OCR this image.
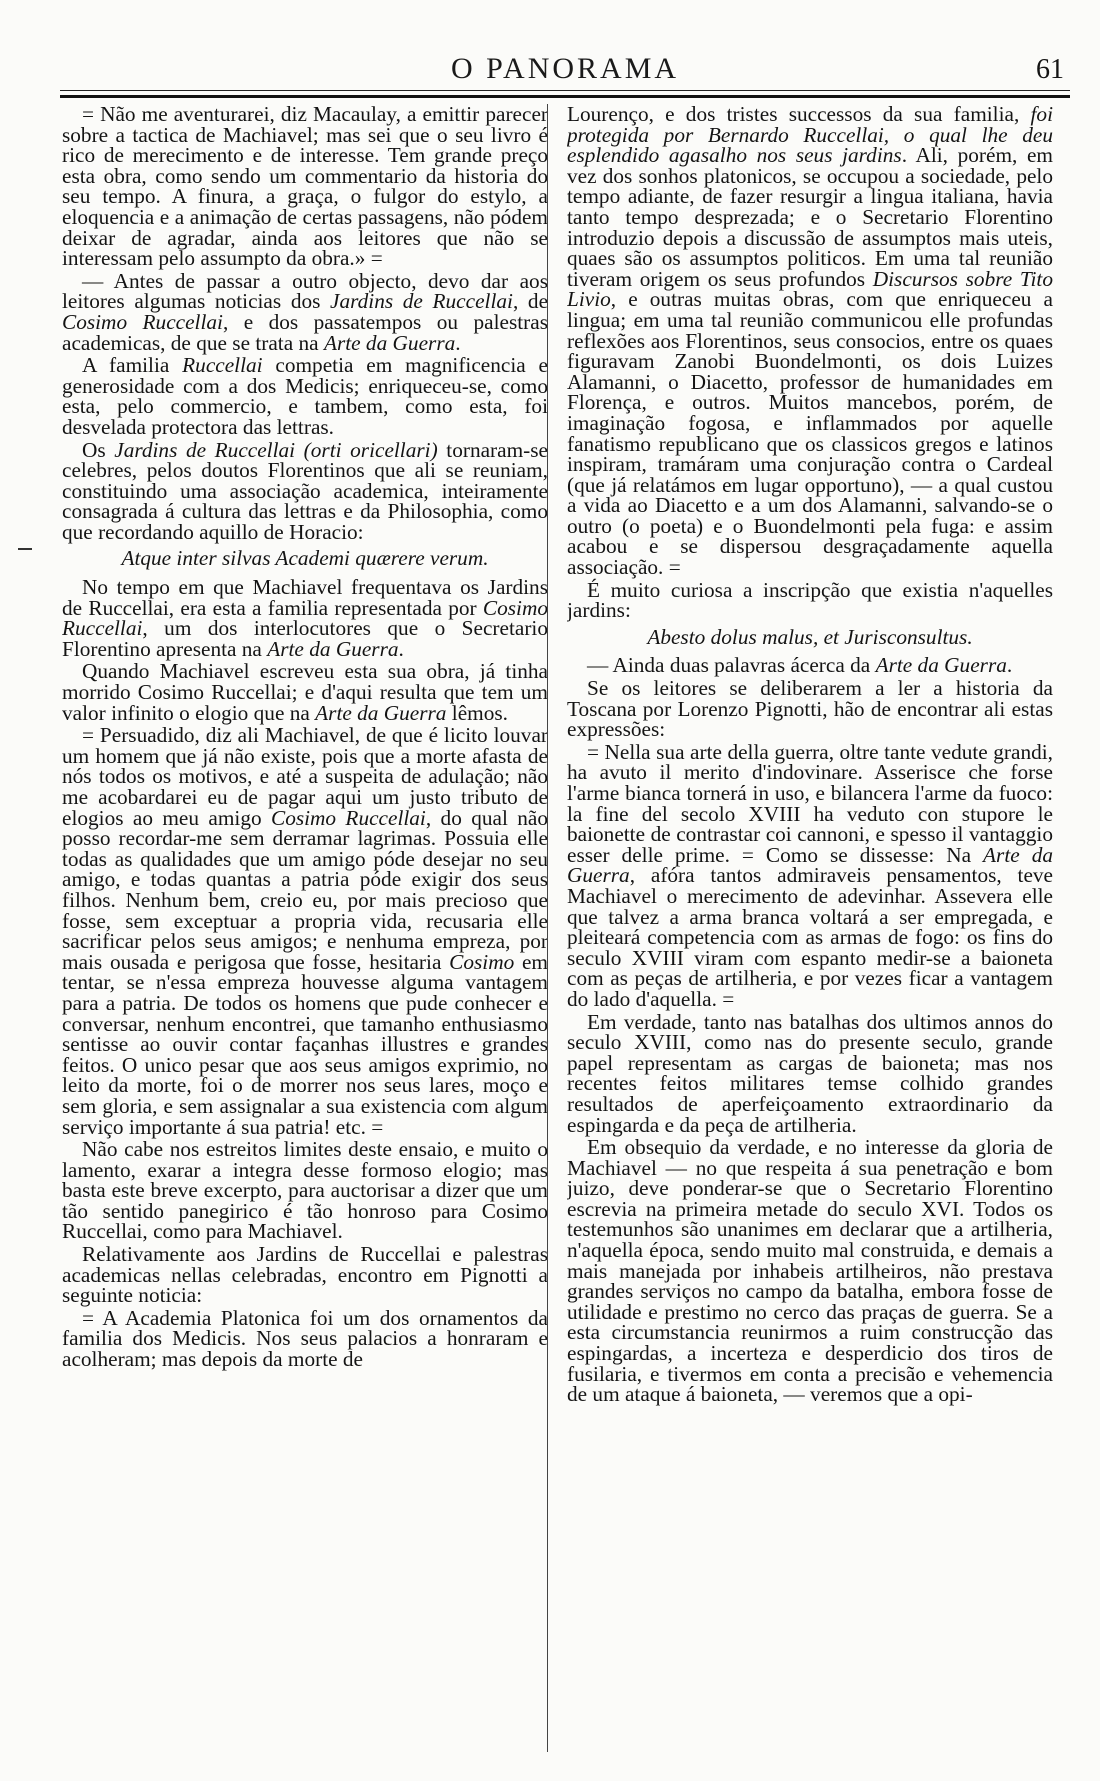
O PANORAMA	61

= Não me aventurarei, diz Macaulay, a emittir parecer sobre a tactica de Machiavel; mas sei que o seu livro é rico de merecimento e de interesse. Tem grande preço esta obra, como sendo um commentario da historia do seu tempo. A finura, a graça, o fulgor do estylo, a eloquencia e a animação de certas passagens, não pódem deixar de agradar, ainda aos leitores que não se interessam pelo assumpto da obra.» =

— Antes de passar a outro objecto, devo dar aos leitores algumas noticias dos Jardins de Ruccellai, de Cosimo Ruccellai, e dos passatempos ou palestras academicas, de que se trata na Arte da Guerra.

A familia Ruccellai competia em magnificencia e generosidade com a dos Medicis; enriqueceu-se, como esta, pelo commercio, e tambem, como esta, foi desvelada protectora das lettras.

Os Jardins de Ruccellai (orti oricellari) tornaram-se celebres, pelos doutos Florentinos que ali se reuniam, constituindo uma associação academica, inteiramente consagrada á cultura das lettras e da Philosophia, como que recordando aquillo de Horacio:

Atque inter silvas Academi quærere verum.

No tempo em que Machiavel frequentava os Jardins de Ruccellai, era esta a familia representada por Cosimo Ruccellai, um dos interlocutores que o Secretario Florentino apresenta na Arte da Guerra.

Quando Machiavel escreveu esta sua obra, já tinha morrido Cosimo Ruccellai; e d'aqui resulta que tem um valor infinito o elogio que na Arte da Guerra lêmos.

= Persuadido, diz ali Machiavel, de que é licito louvar um homem que já não existe, pois que a morte afasta de nós todos os motivos, e até a suspeita de adulação; não me acobardarei eu de pagar aqui um justo tributo de elogios ao meu amigo Cosimo Ruccellai, do qual não posso recordar-me sem derramar lagrimas. Possuia elle todas as qualidades que um amigo póde desejar no seu amigo, e todas quantas a patria póde exigir dos seus filhos. Nenhum bem, creio eu, por mais precioso que fosse, sem exceptuar a propria vida, recusaria elle sacrificar pelos seus amigos; e nenhuma empreza, por mais ousada e perigosa que fosse, hesitaria Cosimo em tentar, se n'essa empreza houvesse alguma vantagem para a patria. De todos os homens que pude conhecer e conversar, nenhum encontrei, que tamanho enthusiasmo sentisse ao ouvir contar façanhas illustres e grandes feitos. O unico pesar que aos seus amigos exprimio, no leito da morte, foi o de morrer nos seus lares, moço e sem gloria, e sem assignalar a sua existencia com algum serviço importante á sua patria! etc. =

Não cabe nos estreitos limites deste ensaio, e muito o lamento, exarar a integra desse formoso elogio; mas basta este breve excerpto, para auctorisar a dizer que um tão sentido panegirico é tão honroso para Cosimo Ruccellai, como para Machiavel.

Relativamente aos Jardins de Ruccellai e palestras academicas nellas celebradas, encontro em Pignotti a seguinte noticia:

= A Academia Platonica foi um dos ornamentos da familia dos Medicis. Nos seus palacios a honraram e acolheram; mas depois da morte de

Lourenço, e dos tristes successos da sua familia, foi protegida por Bernardo Ruccellai, o qual lhe deu esplendido agasalho nos seus jardins. Ali, porém, em vez dos sonhos platonicos, se occupou a sociedade, pelo tempo adiante, de fazer resurgir a lingua italiana, havia tanto tempo desprezada; e o Secretario Florentino introduzio depois a discussão de assumptos mais uteis, quaes são os assumptos politicos. Em uma tal reunião tiveram origem os seus profundos Discursos sobre Tito Livio, e outras muitas obras, com que enriqueceu a lingua; em uma tal reunião communicou elle profundas reflexões aos Florentinos, seus consocios, entre os quaes figuravam Zanobi Buondelmonti, os dois Luizes Alamanni, o Diacetto, professor de humanidades em Florença, e outros. Muitos mancebos, porém, de imaginação fogosa, e inflammados por aquelle fanatismo republicano que os classicos gregos e latinos inspiram, tramáram uma conjuração contra o Cardeal (que já relatámos em lugar opportuno), — a qual custou a vida ao Diacetto e a um dos Alamanni, salvando-se o outro (o poeta) e o Buondelmonti pela fuga: e assim acabou e se dispersou desgraçadamente aquella associação. =

É muito curiosa a inscripção que existia n'aquelles jardins:

Abesto dolus malus, et Jurisconsultus.

— Ainda duas palavras ácerca da Arte da Guerra.

Se os leitores se deliberarem a ler a historia da Toscana por Lorenzo Pignotti, hão de encontrar ali estas expressões:

= Nella sua arte della guerra, oltre tante vedute grandi, ha avuto il merito d'indovinare. Asserisce che forse l'arme bianca tornerá in uso, e bilancera l'arme da fuoco: la fine del secolo XVIII ha veduto con stupore le baionette de contrastar coi cannoni, e spesso il vantaggio esser delle prime. = Como se dissesse: Na Arte da Guerra, afóra tantos admiraveis pensamentos, teve Machiavel o merecimento de adevinhar. Assevera elle que talvez a arma branca voltará a ser empregada, e pleiteará competencia com as armas de fogo: os fins do seculo XVIII viram com espanto medir-se a baioneta com as peças de artilheria, e por vezes ficar a vantagem do lado d'aquella. =

Em verdade, tanto nas batalhas dos ultimos annos do seculo XVIII, como nas do presente seculo, grande papel representam as cargas de baioneta; mas nos recentes feitos militares temse colhido grandes resultados de aperfeiçoamento extraordinario da espingarda e da peça de artilheria.

Em obsequio da verdade, e no interesse da gloria de Machiavel — no que respeita á sua penetração e bom juizo, deve ponderar-se que o Secretario Florentino escrevia na primeira metade do seculo XVI. Todos os testemunhos são unanimes em declarar que a artilheria, n'aquella época, sendo muito mal construida, e demais a mais manejada por inhabeis artilheiros, não prestava grandes serviços no campo da batalha, embora fosse de utilidade e prestimo no cerco das praças de guerra. Se a esta circumstancia reunirmos a ruim construcção das espingardas, a incerteza e desperdicio dos tiros de fusilaria, e tivermos em conta a precisão e vehemencia de um ataque á baioneta, — veremos que a opi-
